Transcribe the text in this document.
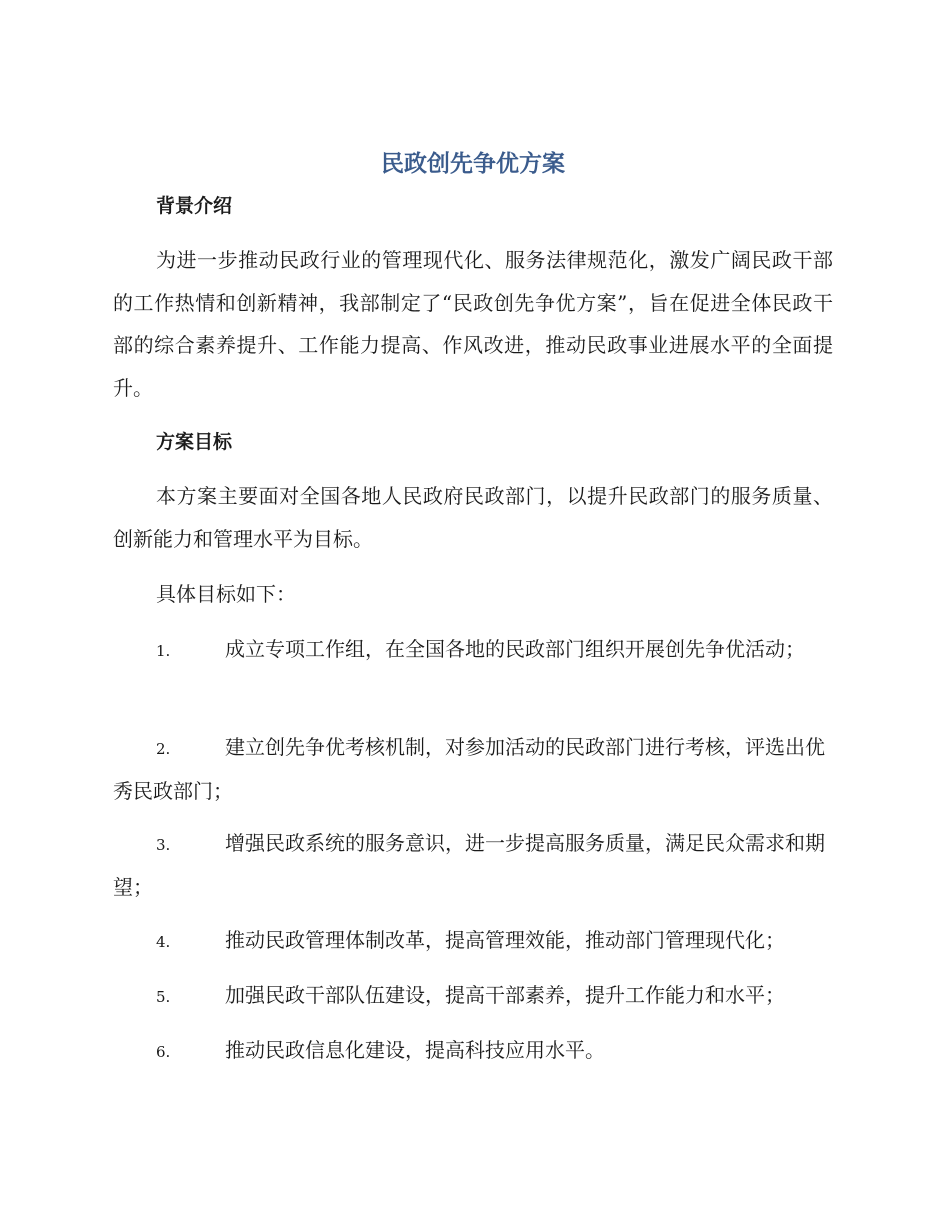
民政创先争优方案
背景介绍

为进一步推动民政行业的管理现代化、服务法律规范化，激发广阔民政干部的工作热情和创新精神，我部制定了“民政创先争优方案”，旨在促进全体民政干部的综合素养提升、工作能力提高、作风改进，推动民政事业进展水平的全面提升。

方案目标

本方案主要面对全国各地人民政府民政部门，以提升民政部门的服务质量、创新能力和管理水平为目标。

具体目标如下：

1.	成立专项工作组，在全国各地的民政部门组织开展创先争优活动；
2.	建立创先争优考核机制，对参加活动的民政部门进行考核，评选出优秀民政部门；
3.	增强民政系统的服务意识，进一步提高服务质量，满足民众需求和期望；
4.	推动民政管理体制改革，提高管理效能，推动部门管理现代化；
5.	加强民政干部队伍建设，提高干部素养，提升工作能力和水平；
6.	推动民政信息化建设，提高科技应用水平。
